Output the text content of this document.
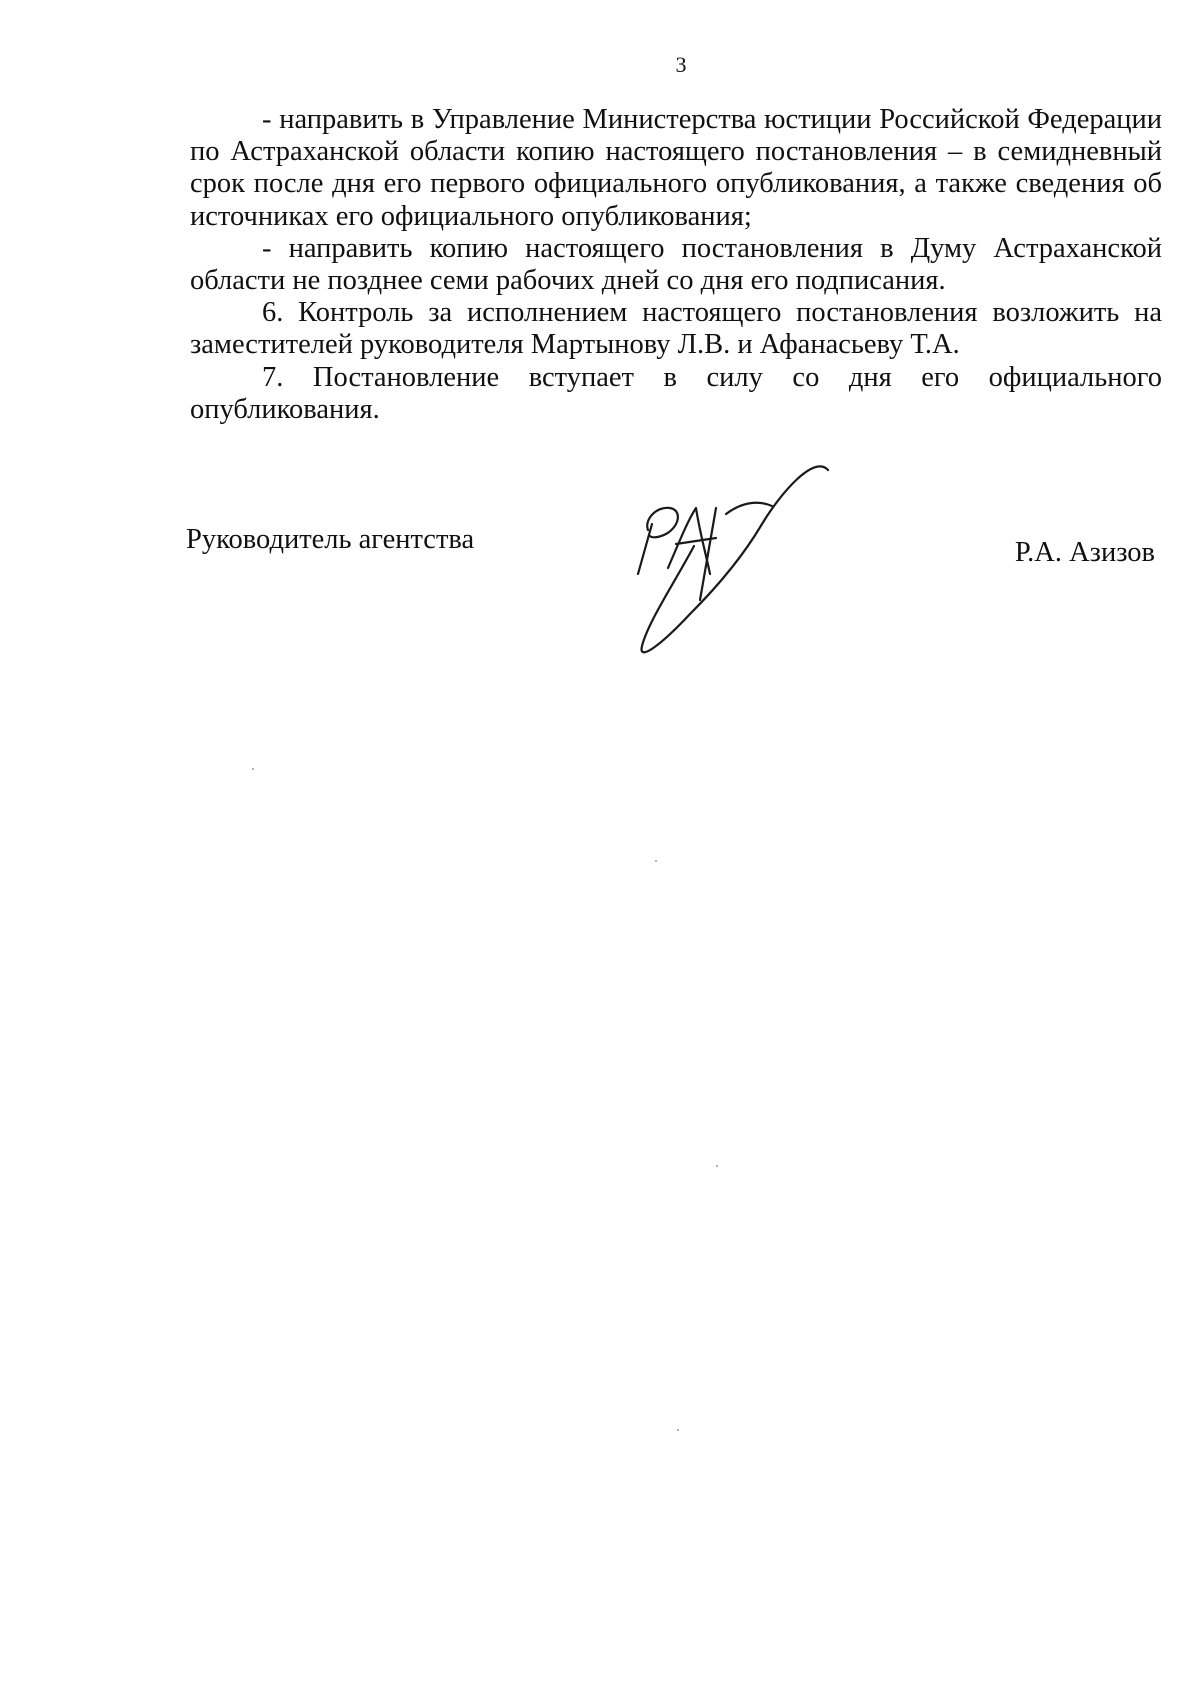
3

- направить в Управление Министерства юстиции Российской Федерации по Астраханской области копию настоящего постановления – в семидневный срок после дня его первого официального опубликования, а также сведения об источниках его официального опубликования;

- направить копию настоящего постановления в Думу Астраханской области не позднее семи рабочих дней со дня его подписания.

6. Контроль за исполнением настоящего постановления возложить на заместителей руководителя Мартынову Л.В. и Афанасьеву Т.А.

7. Постановление вступает в силу со дня его официального опубликования.

Руководитель агентства	Р.А. Азизов
